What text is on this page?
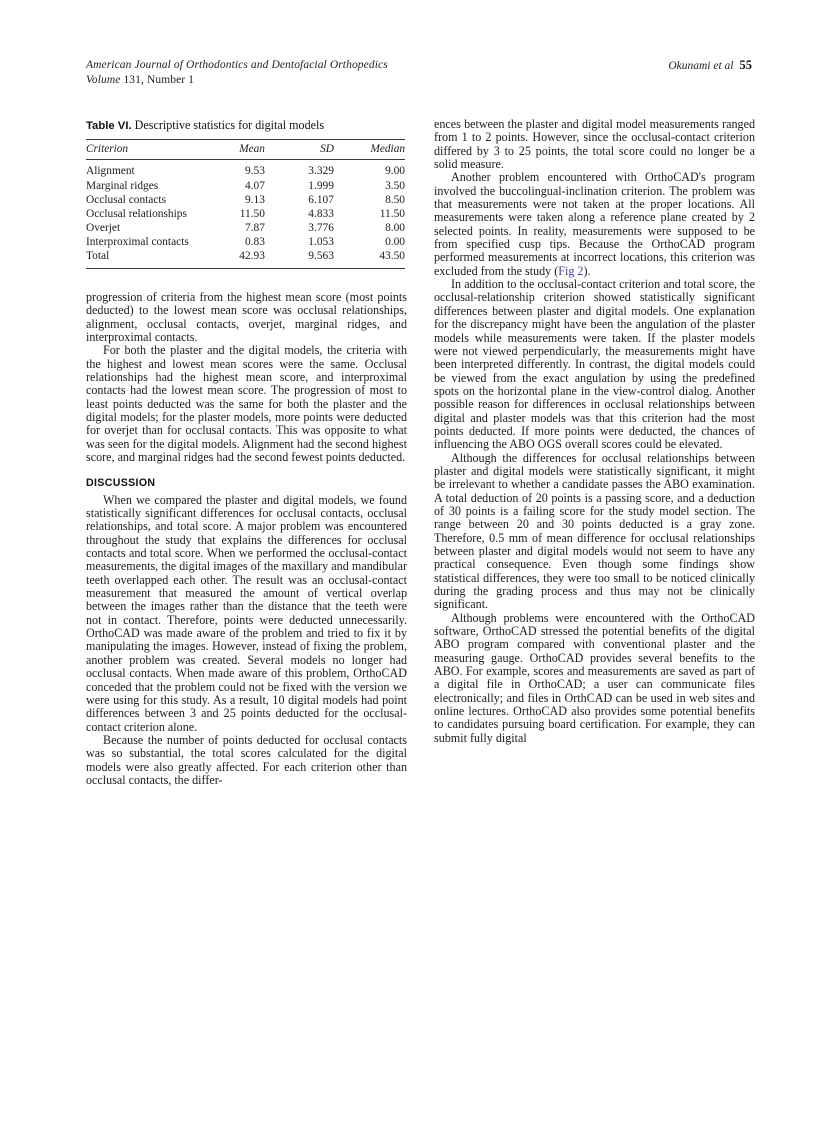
American Journal of Orthodontics and Dentofacial Orthopedics
Volume 131, Number 1
Okunami et al 55
Table VI. Descriptive statistics for digital models
Criterion	Mean	SD	Median
Alignment	9.53	3.329	9.00
Marginal ridges	4.07	1.999	3.50
Occlusal contacts	9.13	6.107	8.50
Occlusal relationships	11.50	4.833	11.50
Overjet	7.87	3.776	8.00
Interproximal contacts	0.83	1.053	0.00
Total	42.93	9.563	43.50

progression of criteria from the highest mean score (most points deducted) to the lowest mean score was occlusal relationships, alignment, occlusal contacts, overjet, marginal ridges, and interproximal contacts.

For both the plaster and the digital models, the criteria with the highest and lowest mean scores were the same. Occlusal relationships had the highest mean score, and interproximal contacts had the lowest mean score. The progression of most to least points deducted was the same for both the plaster and the digital models; for the plaster models, more points were deducted for overjet than for occlusal contacts. This was opposite to what was seen for the digital models. Alignment had the second highest score, and marginal ridges had the second fewest points deducted.

DISCUSSION

When we compared the plaster and digital models, we found statistically significant differences for occlusal contacts, occlusal relationships, and total score. A major problem was encountered throughout the study that explains the differences for occlusal contacts and total score. When we performed the occlusal-contact measurements, the digital images of the maxillary and mandibular teeth overlapped each other. The result was an occlusal-contact measurement that measured the amount of vertical overlap between the images rather than the distance that the teeth were not in contact. Therefore, points were deducted unnecessarily. OrthoCAD was made aware of the problem and tried to fix it by manipulating the images. However, instead of fixing the problem, another problem was created. Several models no longer had occlusal contacts. When made aware of this problem, OrthoCAD conceded that the problem could not be fixed with the version we were using for this study. As a result, 10 digital models had point differences between 3 and 25 points deducted for the occlusal-contact criterion alone.

Because the number of points deducted for occlusal contacts was so substantial, the total scores calculated for the digital models were also greatly affected. For each criterion other than occlusal contacts, the differ-

ences between the plaster and digital model measurements ranged from 1 to 2 points. However, since the occlusal-contact criterion differed by 3 to 25 points, the total score could no longer be a solid measure.

Another problem encountered with OrthoCAD's program involved the buccolingual-inclination criterion. The problem was that measurements were not taken at the proper locations. All measurements were taken along a reference plane created by 2 selected points. In reality, measurements were supposed to be from specified cusp tips. Because the OrthoCAD program performed measurements at incorrect locations, this criterion was excluded from the study (Fig 2).

In addition to the occlusal-contact criterion and total score, the occlusal-relationship criterion showed statistically significant differences between plaster and digital models. One explanation for the discrepancy might have been the angulation of the plaster models while measurements were taken. If the plaster models were not viewed perpendicularly, the measurements might have been interpreted differently. In contrast, the digital models could be viewed from the exact angulation by using the predefined spots on the horizontal plane in the view-control dialog. Another possible reason for differences in occlusal relationships between digital and plaster models was that this criterion had the most points deducted. If more points were deducted, the chances of influencing the ABO OGS overall scores could be elevated.

Although the differences for occlusal relationships between plaster and digital models were statistically significant, it might be irrelevant to whether a candidate passes the ABO examination. A total deduction of 20 points is a passing score, and a deduction of 30 points is a failing score for the study model section. The range between 20 and 30 points deducted is a gray zone. Therefore, 0.5 mm of mean difference for occlusal relationships between plaster and digital models would not seem to have any practical consequence. Even though some findings show statistical differences, they were too small to be noticed clinically during the grading process and thus may not be clinically significant.

Although problems were encountered with the OrthoCAD software, OrthoCAD stressed the potential benefits of the digital ABO program compared with conventional plaster and the measuring gauge. OrthoCAD provides several benefits to the ABO. For example, scores and measurements are saved as part of a digital file in OrthoCAD; a user can communicate files electronically; and files in OrthCAD can be used in web sites and online lectures. OrthoCAD also provides some potential benefits to candidates pursuing board certification. For example, they can submit fully digital
